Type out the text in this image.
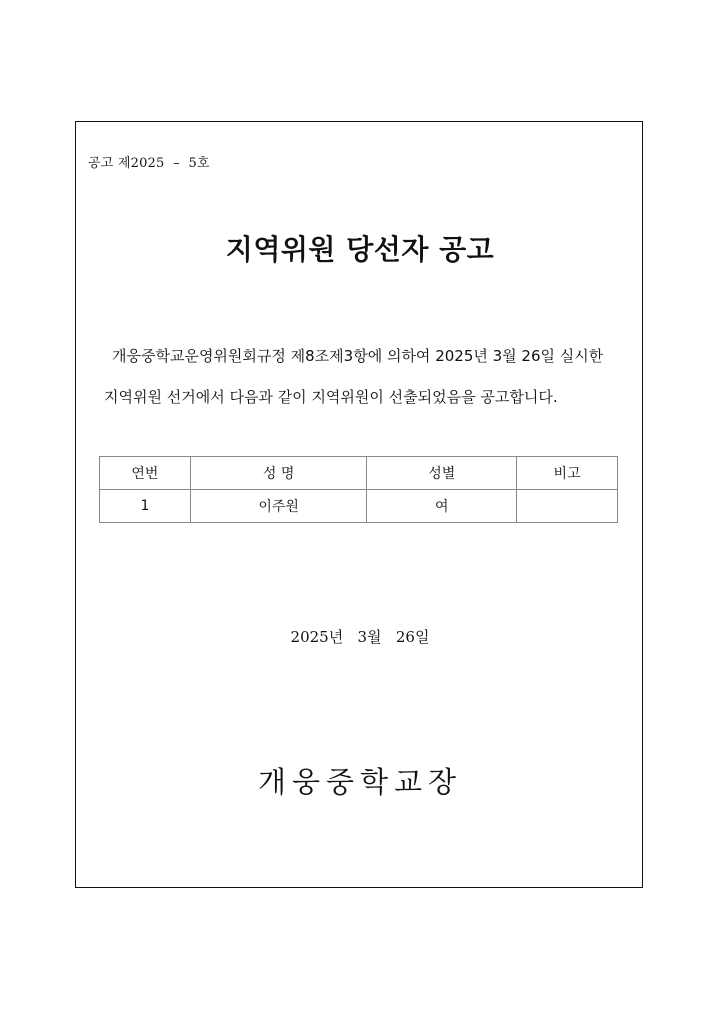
공고 제2025  –  5호
지역위원 당선자 공고
개웅중학교운영위원회규정 제8조제3항에 의하여 2025년 3월 26일 실시한
지역위원 선거에서 다음과 같이 지역위원이 선출되었음을 공고합니다.
연번	성 명	성별	비고
1	이주원	여	
2025년   3월   26일
개웅중학교장
